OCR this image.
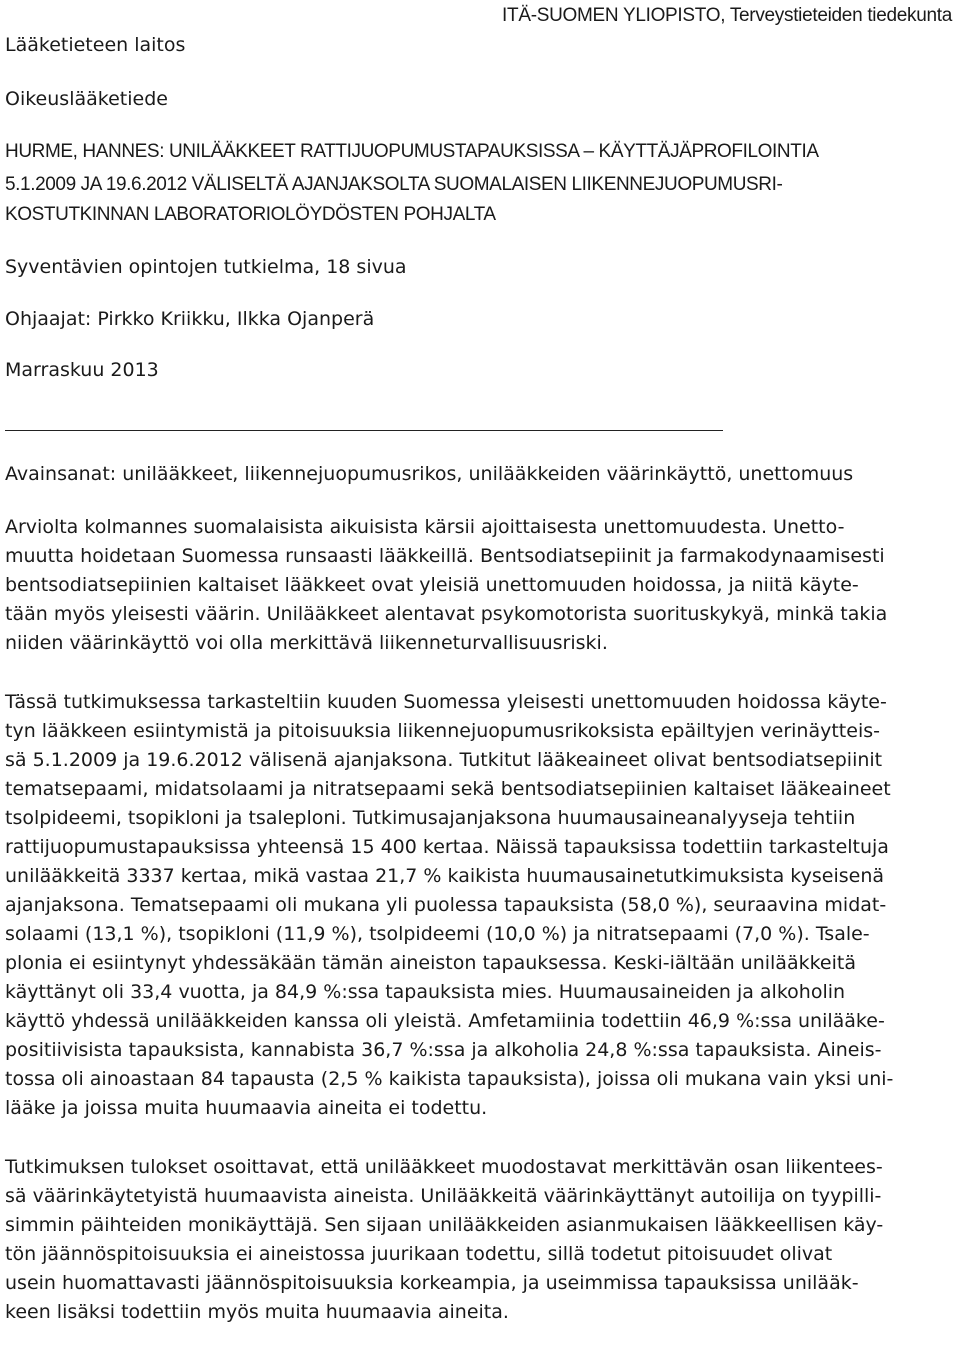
ITÄ-SUOMEN YLIOPISTO, Terveystieteiden tiedekunta
Lääketieteen laitos
Oikeuslääketiede
HURME, HANNES: UNILÄÄKKEET RATTIJUOPUMUSTAPAUKSISSA – KÄYTTÄJÄPROFILOINTIA
5.1.2009 JA 19.6.2012 VÄLISELTÄ AJANJAKSOLTA SUOMALAISEN LIIKENNEJUOPUMUSRI-
KOSTUTKINNAN LABORATORIOLÖYDÖSTEN POHJALTA
Syventävien opintojen tutkielma, 18 sivua
Ohjaajat: Pirkko Kriikku, Ilkka Ojanperä
Marraskuu 2013
Avainsanat: unilääkkeet, liikennejuopumusrikos, unilääkkeiden väärinkäyttö, unettomuus
Arviolta kolmannes suomalaisista aikuisista kärsii ajoittaisesta unettomuudesta. Unetto-
muutta hoidetaan Suomessa runsaasti lääkkeillä. Bentsodiatsepiinit ja farmakodynaamisesti
bentsodiatsepiinien kaltaiset lääkkeet ovat yleisiä unettomuuden hoidossa, ja niitä käyte-
tään myös yleisesti väärin. Unilääkkeet alentavat psykomotorista suorituskykyä, minkä takia
niiden väärinkäyttö voi olla merkittävä liikenneturvallisuusriski.
Tässä tutkimuksessa tarkasteltiin kuuden Suomessa yleisesti unettomuuden hoidossa käyte-
tyn lääkkeen esiintymistä ja pitoisuuksia liikennejuopumusrikoksista epäiltyjen verinäytteis-
sä 5.1.2009 ja 19.6.2012 välisenä ajanjaksona. Tutkitut lääkeaineet olivat bentsodiatsepiinit
tematsepaami, midatsolaami ja nitratsepaami sekä bentsodiatsepiinien kaltaiset lääkeaineet
tsolpideemi, tsopikloni ja tsaleploni. Tutkimusajanjaksona huumausaineanalyyseja tehtiin
rattijuopumustapauksissa yhteensä 15 400 kertaa. Näissä tapauksissa todettiin tarkasteltuja
unilääkkeitä 3337 kertaa, mikä vastaa 21,7 % kaikista huumausainetutkimuksista kyseisenä
ajanjaksona. Tematsepaami oli mukana yli puolessa tapauksista (58,0 %), seuraavina midat-
solaami (13,1 %), tsopikloni (11,9 %), tsolpideemi (10,0 %) ja nitratsepaami (7,0 %). Tsale-
plonia ei esiintynyt yhdessäkään tämän aineiston tapauksessa. Keski-iältään unilääkkeitä
käyttänyt oli 33,4 vuotta, ja 84,9 %:ssa tapauksista mies. Huumausaineiden ja alkoholin
käyttö yhdessä unilääkkeiden kanssa oli yleistä. Amfetamiinia todettiin 46,9 %:ssa unilääke-
positiivisista tapauksista, kannabista 36,7 %:ssa ja alkoholia 24,8 %:ssa tapauksista. Aineis-
tossa oli ainoastaan 84 tapausta (2,5 % kaikista tapauksista), joissa oli mukana vain yksi uni-
lääke ja joissa muita huumaavia aineita ei todettu.
Tutkimuksen tulokset osoittavat, että unilääkkeet muodostavat merkittävän osan liikentees-
sä väärinkäytetyistä huumaavista aineista. Unilääkkeitä väärinkäyttänyt autoilija on tyypilli-
simmin päihteiden monikäyttäjä. Sen sijaan unilääkkeiden asianmukaisen lääkkeellisen käy-
tön jäännöspitoisuuksia ei aineistossa juurikaan todettu, sillä todetut pitoisuudet olivat
usein huomattavasti jäännöspitoisuuksia korkeampia, ja useimmissa tapauksissa unilääk-
keen lisäksi todettiin myös muita huumaavia aineita.
